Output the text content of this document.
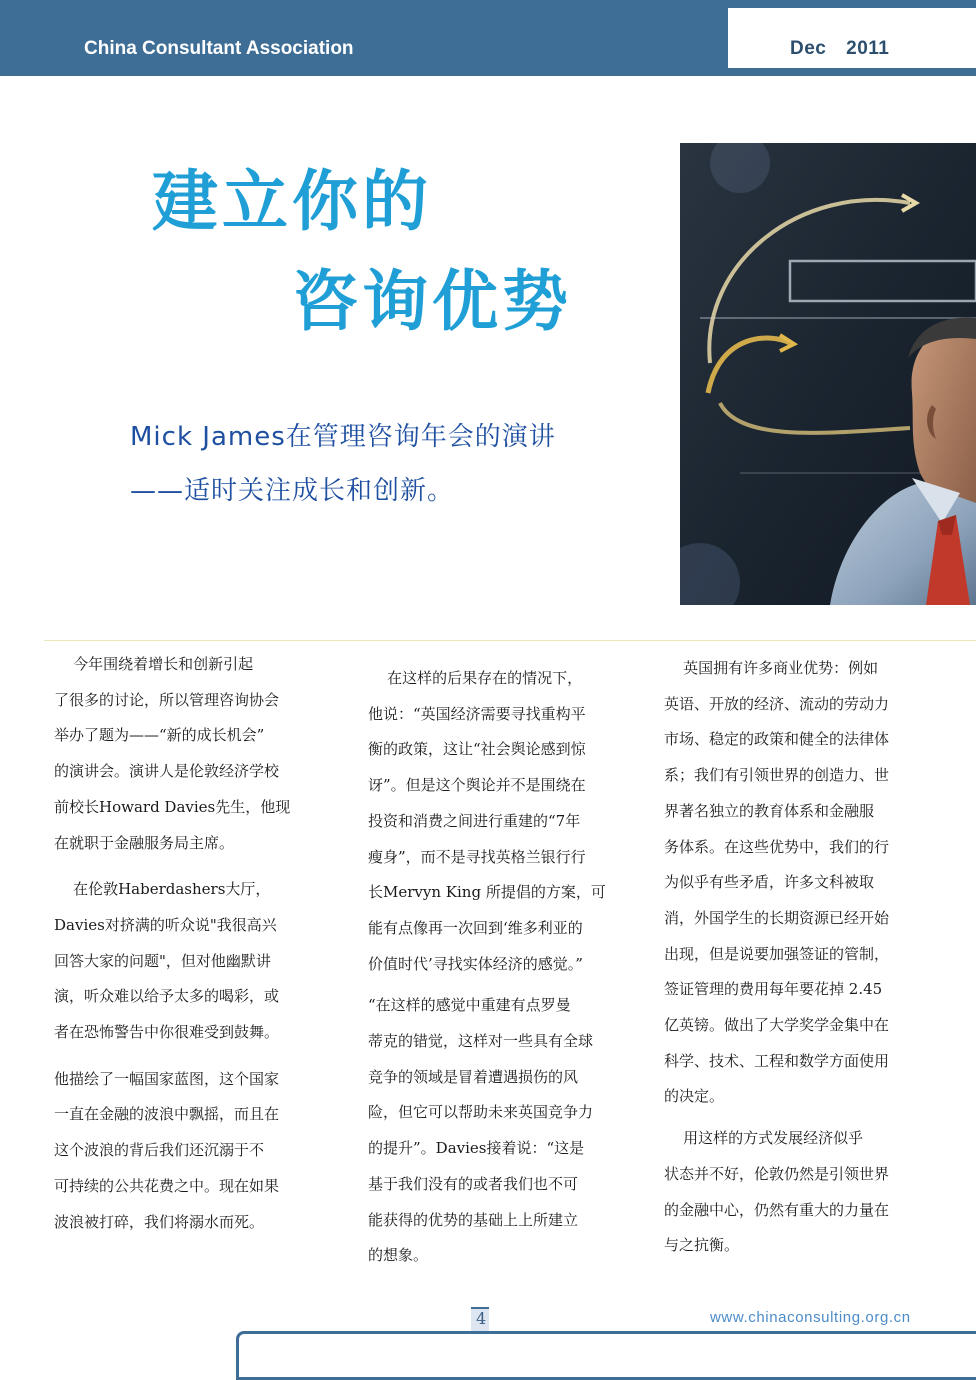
China Consultant Association	Dec 2011
建立你的
咨询优势
Mick James在管理咨询年会的演讲
——适时关注成长和创新。

今年围绕着增长和创新引起

了很多的讨论，所以管理咨询协会

举办了题为——“新的成长机会”

的演讲会。演讲人是伦敦经济学校

前校长Howard Davies先生，他现

在就职于金融服务局主席。

在伦敦Haberdashers大厅，

Davies对挤满的听众说"我很高兴

回答大家的问题"，但对他幽默讲

演，听众难以给予太多的喝彩，或

者在恐怖警告中你很难受到鼓舞。

他描绘了一幅国家蓝图，这个国家

一直在金融的波浪中飘摇，而且在

这个波浪的背后我们还沉溺于不

可持续的公共花费之中。现在如果

波浪被打碎，我们将溺水而死。

在这样的后果存在的情况下，

他说：“英国经济需要寻找重构平

衡的政策，这让“社会舆论感到惊

讶”。但是这个舆论并不是围绕在

投资和消费之间进行重建的“7年

瘦身”，而不是寻找英格兰银行行

长Mervyn King 所提倡的方案，可

能有点像再一次回到‘维多利亚的

价值时代’寻找实体经济的感觉。”

“在这样的感觉中重建有点罗曼

蒂克的错觉，这样对一些具有全球

竞争的领域是冒着遭遇损伤的风

险，但它可以帮助未来英国竞争力

的提升”。Davies接着说：“这是

基于我们没有的或者我们也不可

能获得的优势的基础上上所建立

的想象。

英国拥有许多商业优势：例如

英语、开放的经济、流动的劳动力

市场、稳定的政策和健全的法律体

系；我们有引领世界的创造力、世

界著名独立的教育体系和金融服

务体系。在这些优势中，我们的行

为似乎有些矛盾，许多文科被取

消，外国学生的长期资源已经开始

出现，但是说要加强签证的管制，

签证管理的费用每年要花掉 2.45

亿英镑。做出了大学奖学金集中在

科学、技术、工程和数学方面使用

的决定。

用这样的方式发展经济似乎

状态并不好，伦敦仍然是引领世界

的金融中心，仍然有重大的力量在

与之抗衡。

4	www.chinaconsulting.org.cn
